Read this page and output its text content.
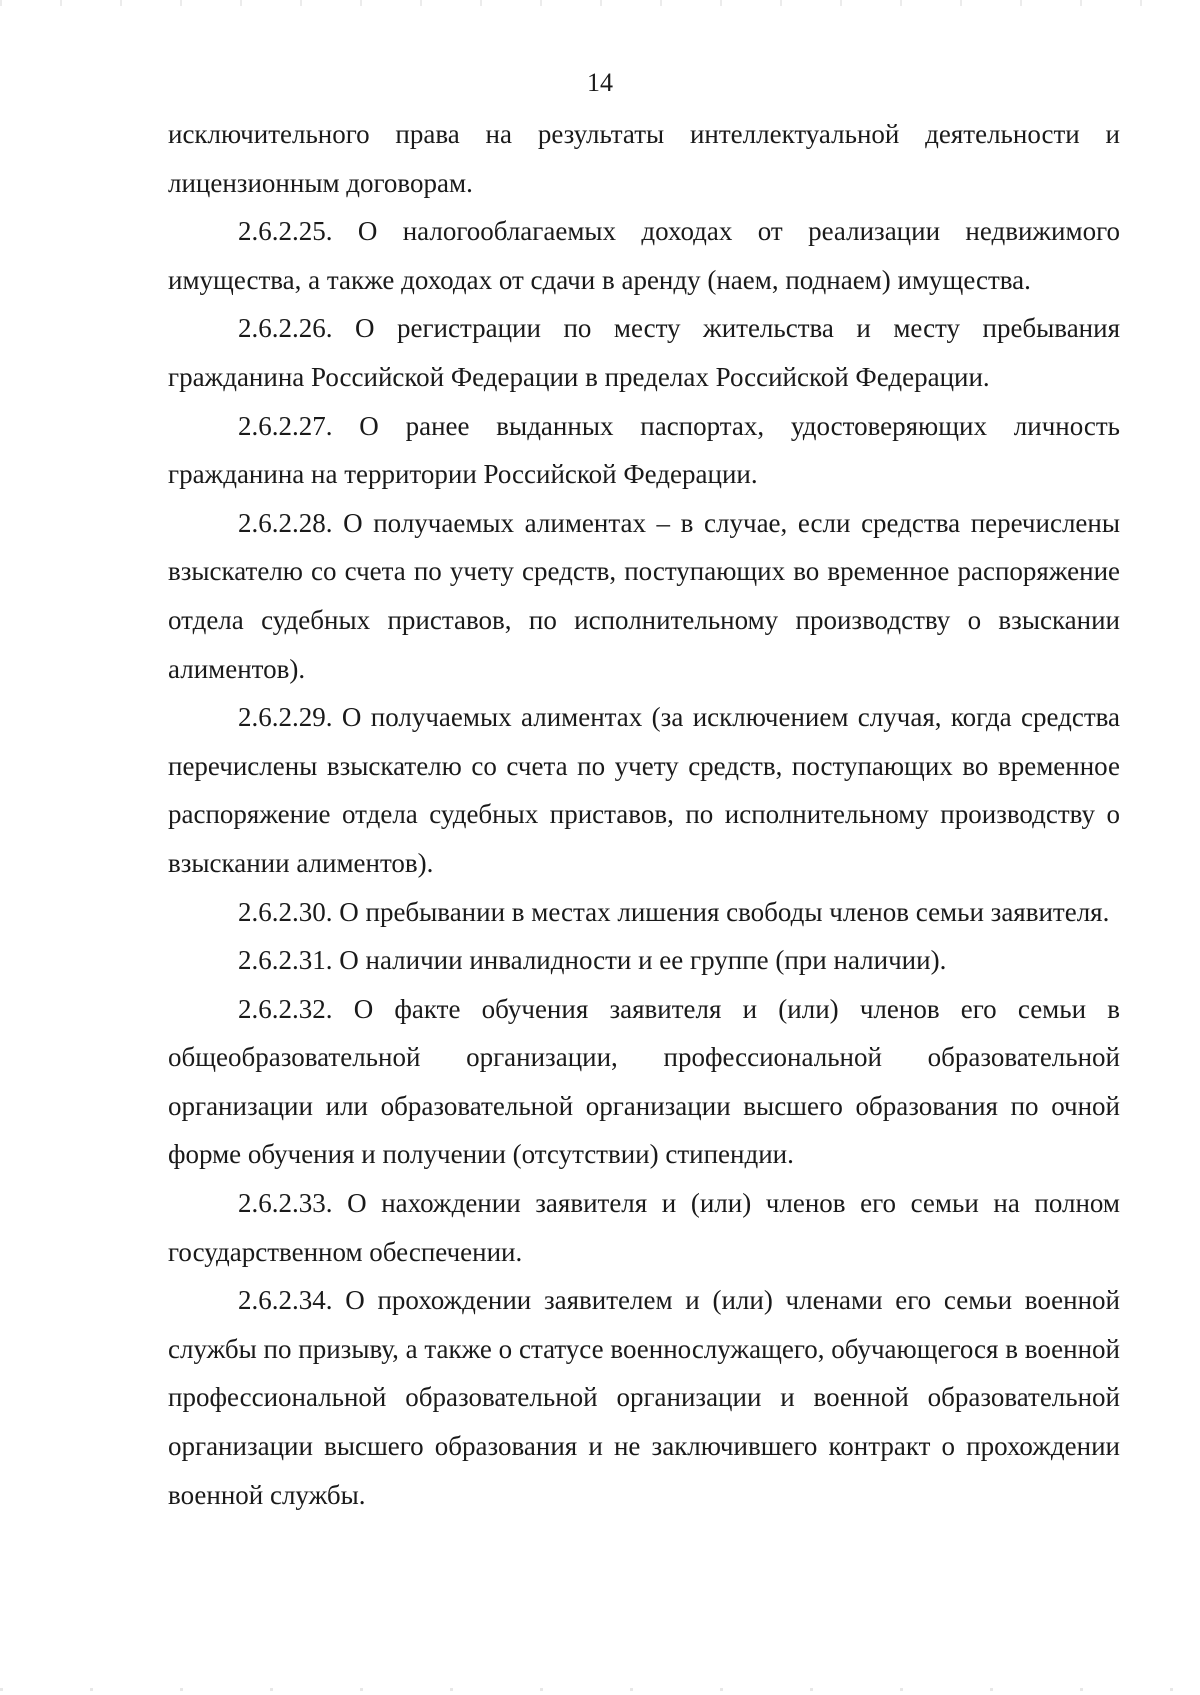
14

исключительного права на результаты интеллектуальной деятельности и лицензионным договорам.

2.6.2.25. О налогооблагаемых доходах от реализации недвижимого имущества, а также доходах от сдачи в аренду (наем, поднаем) имущества.

2.6.2.26. О регистрации по месту жительства и месту пребывания гражданина Российской Федерации в пределах Российской Федерации.

2.6.2.27. О ранее выданных паспортах, удостоверяющих личность гражданина на территории Российской Федерации.

2.6.2.28. О получаемых алиментах – в случае, если средства перечислены взыскателю со счета по учету средств, поступающих во временное распоряжение отдела судебных приставов, по исполнительному производству о взыскании алиментов).

2.6.2.29. О получаемых алиментах (за исключением случая, когда средства перечислены взыскателю со счета по учету средств, поступающих во временное распоряжение отдела судебных приставов, по исполнительному производству о взыскании алиментов).

2.6.2.30. О пребывании в местах лишения свободы членов семьи заявителя.

2.6.2.31. О наличии инвалидности и ее группе (при наличии).

2.6.2.32. О факте обучения заявителя и (или) членов его семьи в общеобразовательной организации, профессиональной образовательной организации или образовательной организации высшего образования по очной форме обучения и получении (отсутствии) стипендии.

2.6.2.33. О нахождении заявителя и (или) членов его семьи на полном государственном обеспечении.

2.6.2.34. О прохождении заявителем и (или) членами его семьи военной службы по призыву, а также о статусе военнослужащего, обучающегося в военной профессиональной образовательной организации и военной образовательной организации высшего образования и не заключившего контракт о прохождении военной службы.
